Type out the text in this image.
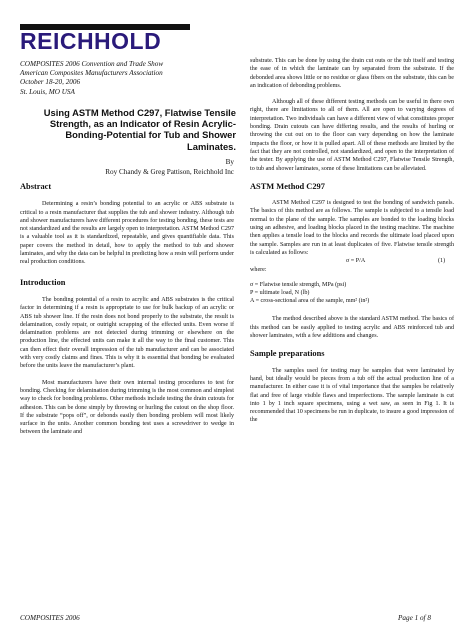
REICHHOLD
COMPOSITES 2006 Convention and Trade Show
American Composites Manufacturers Association
October 18-20, 2006
St. Louis, MO USA
Using ASTM Method C297, Flatwise Tensile Strength, as an Indicator of Resin Acrylic-Bonding-Potential for Tub and Shower Laminates.
By
Roy Chandy & Greg Pattison, Reichhold Inc
Abstract
Determining a resin’s bonding potential to an acrylic or ABS substrate is critical to a resin manufacturer that supplies the tub and shower industry. Although tub and shower manufacturers have different procedures for testing bonding, these tests are not standardized and the results are largely open to interpretation. ASTM Method C297 is a valuable tool as it is standardized, repeatable, and gives quantifiable data. This paper covers the method in detail, how to apply the method to tub and shower laminates, and why the data can be helpful in predicting how a resin will perform under real production conditions.
Introduction
The bonding potential of a resin to acrylic and ABS substrates is the critical factor in determining if a resin is appropriate to use for bulk backup of an acrylic or ABS tub shower line. If the resin does not bond properly to the substrate, the result is delamination, costly repair, or outright scrapping of the effected units. Even worse if delamination problems are not detected during trimming or elsewhere on the production line, the effected units can make it all the way to the final customer. This can then effect their overall impression of the tub manufacturer and can be associated with very costly claims and fines. This is why it is essential that bonding be evaluated before the units leave the manufacturer’s plant.
Most manufacturers have their own internal testing procedures to test for bonding. Checking for delamination during trimming is the most common and simplest way to check for bonding problems. Other methods include testing the drain cutouts for adhesion. This can be done simply by throwing or hurling the cutout on the shop floor. If the substrate “pops off”, or debonds easily then bonding problem will most likely surface in the units. Another common bonding test uses a screwdriver to wedge in between the laminate and
substrate. This can be done by using the drain cut outs or the tub itself and testing the ease of in which the laminate can by separated from the substrate. If the debonded area shows little or no residue or glass fibers on the substrate, this can be an indication of debonding problems.
Although all of these different testing methods can be useful in there own right, there are limitations to all of them. All are open to varying degrees of interpretation. Two individuals can have a different view of what constitutes proper bonding. Drain cutouts can have differing results, and the results of hurling or throwing the cut out on to the floor can vary depending on how the laminate impacts the floor, or how it is pulled apart. All of these methods are limited by the fact that they are not controlled, not standardized, and open to the interpretation of the tester. By applying the use of ASTM Method C297, Flatwise Tensile Strength, to tub and shower laminates, some of these limitations can be alleviated.
ASTM Method C297
ASTM Method C297 is designed to test the bonding of sandwich panels. The basics of this method are as follows. The sample is subjected to a tensile load normal to the plane of the sample. The samples are bonded to the loading blocks using an adhesive, and loading blocks placed in the testing machine. The machine then applies a tensile load to the blocks and records the ultimate load placed upon the sample. Samples are run in at least duplicates of five. Flatwise tensile strength is calculated as follows:
σ = P/A	(1)
where:
σ = Flatwise tensile strength, MPa (psi)
P = ultimate load, N (lb)
A = cross-sectional area of the sample, mm² (in²)
The method described above is the standard ASTM method. The basics of this method can be easily applied to testing acrylic and ABS reinforced tub and shower laminates, with a few additions and changes.
Sample preparations
The samples used for testing may be samples that were laminated by hand, but ideally would be pieces from a tub off the actual production line of a manufacturer. In either case it is of vital importance that the samples be relatively flat and free of large visible flaws and imperfections. The sample laminate is cut into 1 by 1 inch square specimens, using a wet saw, as seen in Fig 1. It is recommended that 10 specimens be run in duplicate, to insure a good impression of the
COMPOSITES 2006	Page 1 of 8
